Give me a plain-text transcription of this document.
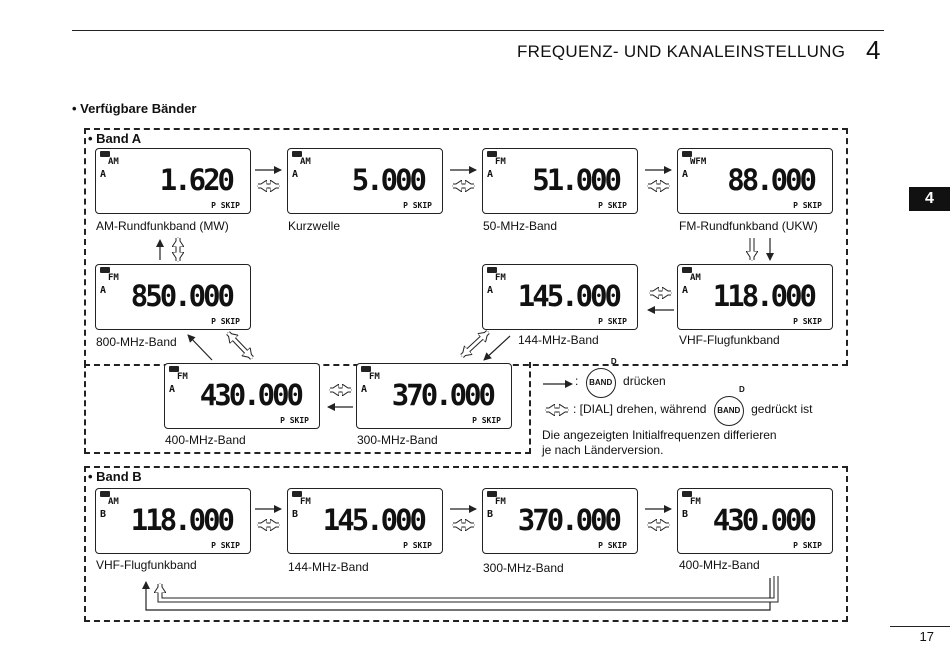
FREQUENZ- UND KANALEINSTELLUNG 4
4
• Verfügbare Bänder
• Band A
• Band B
AM
A 1.620
P SKIP
AM-Rundfunkband (MW)
AM
A 5.000
P SKIP
Kurzwelle
FM
A 51.000
P SKIP
50-MHz-Band
WFM
A 88.000
P SKIP
FM-Rundfunkband (UKW)
FM
A 850.000
P SKIP
800-MHz-Band
FM
A 145.000
P SKIP
144-MHz-Band
AM
A 118.000
P SKIP
VHF-Flugfunkband
FM
A 430.000
P SKIP
400-MHz-Band
FM
A 370.000
P SKIP
300-MHz-Band
AM
B 118.000
P SKIP
VHF-Flugfunkband
FM
B 145.000
P SKIP
144-MHz-Band
FM
B 370.000
P SKIP
300-MHz-Band
FM
B 430.000
P SKIP
400-MHz-Band
: BAND
D
drücken
: [DIAL] drehen, während BAND
D
gedrückt ist
Die angezeigten Initialfrequenzen differieren
je nach Länderversion.
17
